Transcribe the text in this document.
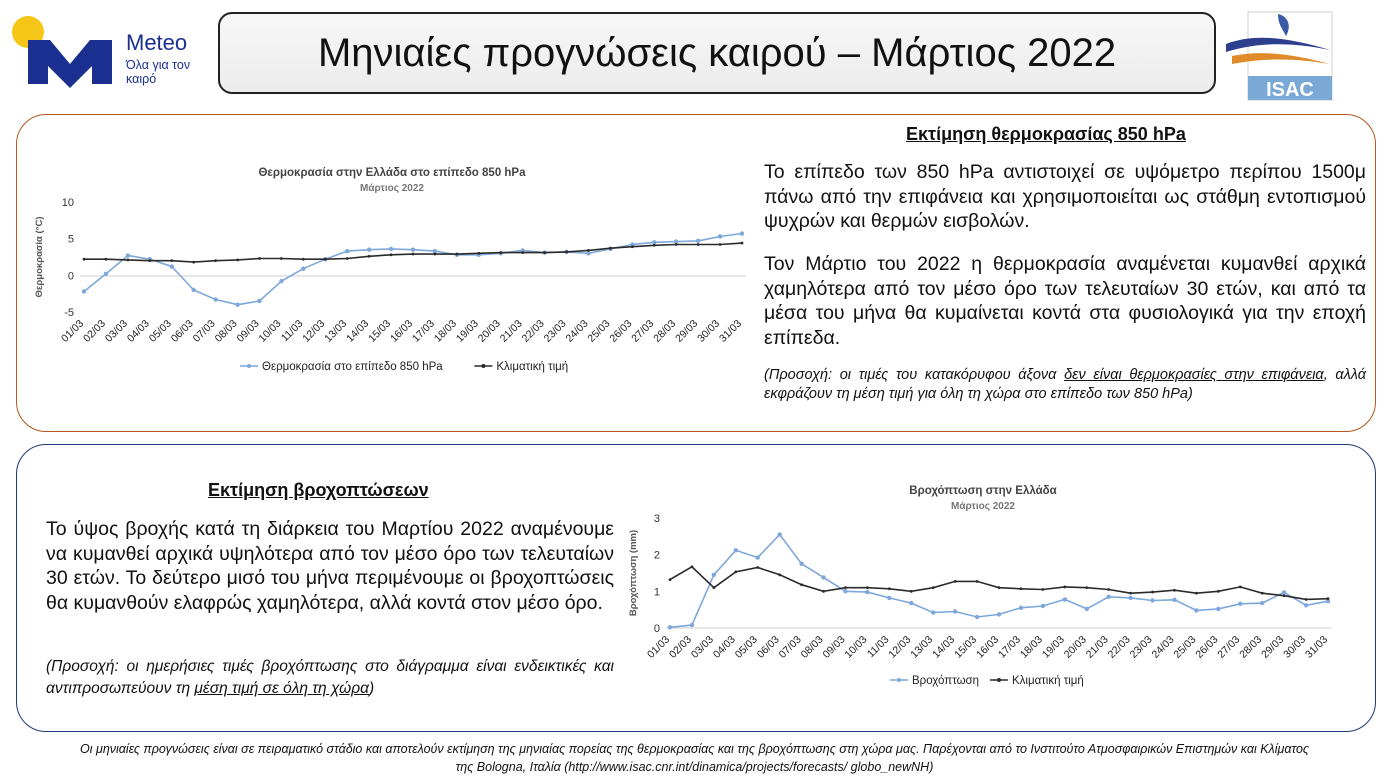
Meteo
Όλα για τον καιρό
Μηνιαίες προγνώσεις καιρού – Μάρτιος 2022
ISAC
Θερμοκρασία στην Ελλάδα στο επίπεδο 850 hPa
Μάρτιος 2022
10
5
0
-5
Θερμοκρασία (°C)
01/03
02/03
03/03
04/03
05/03
06/03
07/03
08/03
09/03
10/03
11/03
12/03
13/03
14/03
15/03
16/03
17/03
18/03
19/03
20/03
21/03
22/03
23/03
24/03
25/03
26/03
27/03
28/03
29/03
30/03
31/03
Θερμοκρασία στο επίπεδο 850 hPa	Κλιματική τιμή
Εκτίμηση θερμοκρασίας 850 hPa
Το επίπεδο των 850 hPa αντιστοιχεί σε υψόμετρο περίπου 1500μ πάνω από την επιφάνεια και χρησιμοποιείται ως στάθμη εντοπισμού ψυχρών και θερμών εισβολών.
Τον Μάρτιο του 2022 η θερμοκρασία αναμένεται κυμανθεί αρχικά χαμηλότερα από τον μέσο όρο των τελευταίων 30 ετών, και από τα μέσα του μήνα θα κυμαίνεται κοντά στα φυσιολογικά για την εποχή επίπεδα.
(Προσοχή: οι τιμές του κατακόρυφου άξονα δεν είναι θερμοκρασίες στην επιφάνεια, αλλά εκφράζουν τη μέση τιμή για όλη τη χώρα στο επίπεδο των 850 hPa)
Εκτίμηση βροχοπτώσεων
Το ύψος βροχής κατά τη διάρκεια του Μαρτίου 2022 αναμένουμε να κυμανθεί αρχικά υψηλότερα από τον μέσο όρο των τελευταίων 30 ετών. Το δεύτερο μισό του μήνα περιμένουμε οι βροχοπτώσεις θα κυμανθούν ελαφρώς χαμηλότερα, αλλά κοντά στον μέσο όρο.
(Προσοχή: οι ημερήσιες τιμές βροχόπτωσης στο διάγραμμα είναι ενδεικτικές και αντιπροσωπεύουν τη μέση τιμή σε όλη τη χώρα)
Βροχόπτωση στην Ελλάδα
Μάρτιος 2022
3
2
1
0
Βροχόπτωση (mm)
01/03
02/03
03/03
04/03
05/03
06/03
07/03
08/03
09/03
10/03
11/03
12/03
13/03
14/03
15/03
16/03
17/03
18/03
19/03
20/03
21/03
22/03
23/03
24/03
25/03
26/03
27/03
28/03
29/03
30/03
31/03
Βροχόπτωση	Κλιματική τιμή
Οι μηνιαίες προγνώσεις είναι σε πειραματικό στάδιο και αποτελούν εκτίμηση της μηνιαίας πορείας της θερμοκρασίας και της βροχόπτωσης στη χώρα μας. Παρέχονται από το Ινστιτούτο Ατμοσφαιρικών Επιστημών και Κλίματος
της Bologna, Ιταλία (http://www.isac.cnr.int/dinamica/projects/forecasts/ globo_newNH)
